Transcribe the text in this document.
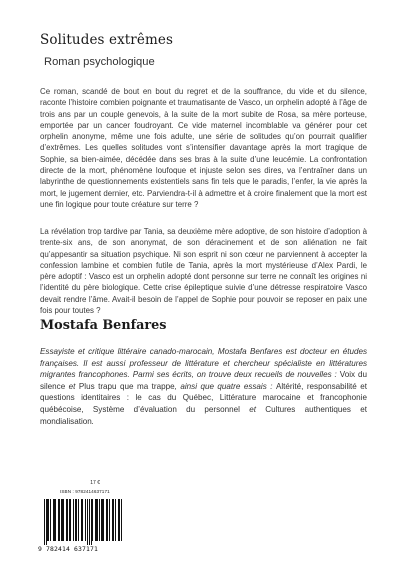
Solitudes extrêmes
Roman psychologique

Ce roman, scandé de bout en bout du regret et de la souffrance, du vide et du silence, raconte l’histoire combien poignante et traumatisante de Vasco, un orphelin adopté à l’âge de trois ans par un couple genevois, à la suite de la mort subite de Rosa, sa mère porteuse, emportée par un cancer foudroyant. Ce vide maternel incomblable va générer pour cet orphelin anonyme, même une fois adulte, une série de solitudes qu’on pourrait qualifier d’extrêmes. Les quelles solitudes vont s’intensifier davantage après la mort tragique de Sophie, sa bien-aimée, décédée dans ses bras à la suite d’une leucémie. La confrontation directe de la mort, phénomène loufoque et injuste selon ses dires, va l’entraîner dans un labyrinthe de questionnements existentiels sans fin tels que le paradis, l’enfer, la vie après la mort, le jugement dernier, etc. Parviendra-t-il à admettre et à croire finalement que la mort est une fin logique pour toute créature sur terre ?

La révélation trop tardive par Tania, sa deuxième mère adoptive, de son histoire d’adoption à trente-six ans, de son anonymat, de son déracinement et de son aliénation ne fait qu’appesantir sa situation psychique. Ni son esprit ni son cœur ne parviennent à accepter la confession lambine et combien futile de Tania, après la mort mystérieuse d’Alex Pardi, le père adoptif : Vasco est un orphelin adopté dont personne sur terre ne connaît les origines ni l’identité du père biologique. Cette crise épileptique suivie d’une détresse respiratoire Vasco devait rendre l’âme. Avait-il besoin de l’appel de Sophie pour pouvoir se reposer en paix une fois pour toutes ?

Mostafa Benfares

Essayiste et critique littéraire canado-marocain, Mostafa Benfares est docteur en études françaises. Il est aussi professeur de littérature et chercheur spécialiste en littératures migrantes francophones. Parmi ses écrits, on trouve deux recueils de nouvelles : Voix du silence et Plus trapu que ma trappe, ainsi que quatre essais : Altérité, responsabilité et questions identitaires : le cas du Québec, Littérature marocaine et francophonie québécoise, Système d’évaluation du personnel et Cultures authentiques et mondialisation.

17 €
ISBN : 9782414637171
9 782414 637171
